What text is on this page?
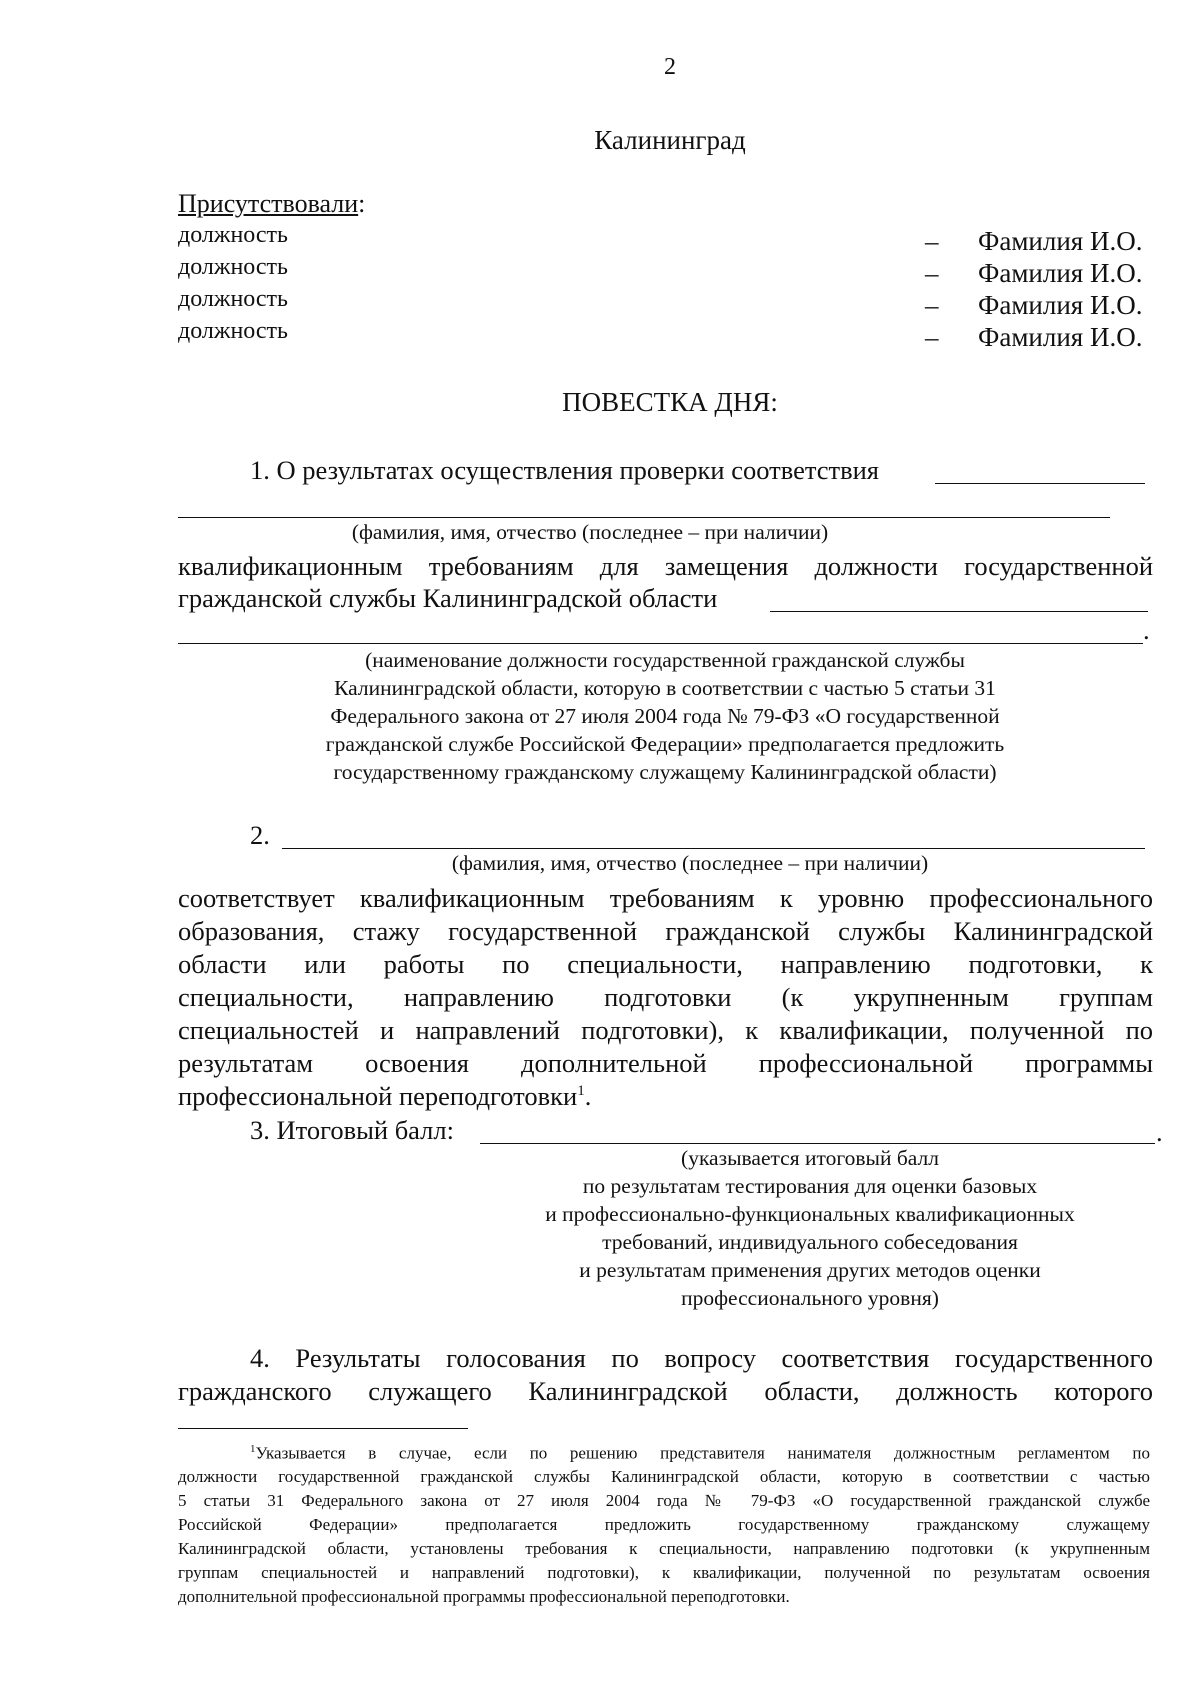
2
Калининград
Присутствовали:
должность	– Фамилия И.О.
должность	– Фамилия И.О.
должность	– Фамилия И.О.
должность	– Фамилия И.О.
ПОВЕСТКА ДНЯ:
1. О результатах осуществления проверки соответствия
(фамилия, имя, отчество (последнее – при наличии)
квалификационным требованиям для замещения должности государственной
гражданской службы Калининградской области
.
(наименование должности государственной гражданской службы
Калининградской области, которую в соответствии с частью 5 статьи 31
Федерального закона от 27 июля 2004 года № 79-ФЗ «О государственной
гражданской службе Российской Федерации» предполагается предложить
государственному гражданскому служащему Калининградской области)
2.
(фамилия, имя, отчество (последнее – при наличии)
соответствует квалификационным требованиям к уровню профессионального
образования, стажу государственной гражданской службы Калининградской
области или работы по специальности, направлению подготовки, к
специальности, направлению подготовки (к укрупненным группам
специальностей и направлений подготовки), к квалификации, полученной по
результатам освоения дополнительной профессиональной программы
профессиональной переподготовки$^1$.
3. Итоговый балл:	.
(указывается итоговый балл
по результатам тестирования для оценки базовых
и профессионально-функциональных квалификационных
требований, индивидуального собеседования
и результатам применения других методов оценки
профессионального уровня)
4. Результаты голосования по вопросу соответствия государственного
гражданского служащего Калининградской области, должность которого
$^1$Указывается в случае, если по решению представителя нанимателя должностным регламентом по
должности государственной гражданской службы Калининградской области, которую в соответствии с частью
5 статьи 31 Федерального закона от 27 июля 2004 года № 79-ФЗ «О государственной гражданской службе
Российской Федерации» предполагается предложить государственному гражданскому служащему
Калининградской области, установлены требования к специальности, направлению подготовки (к укрупненным
группам специальностей и направлений подготовки), к квалификации, полученной по результатам освоения
дополнительной профессиональной программы профессиональной переподготовки.
